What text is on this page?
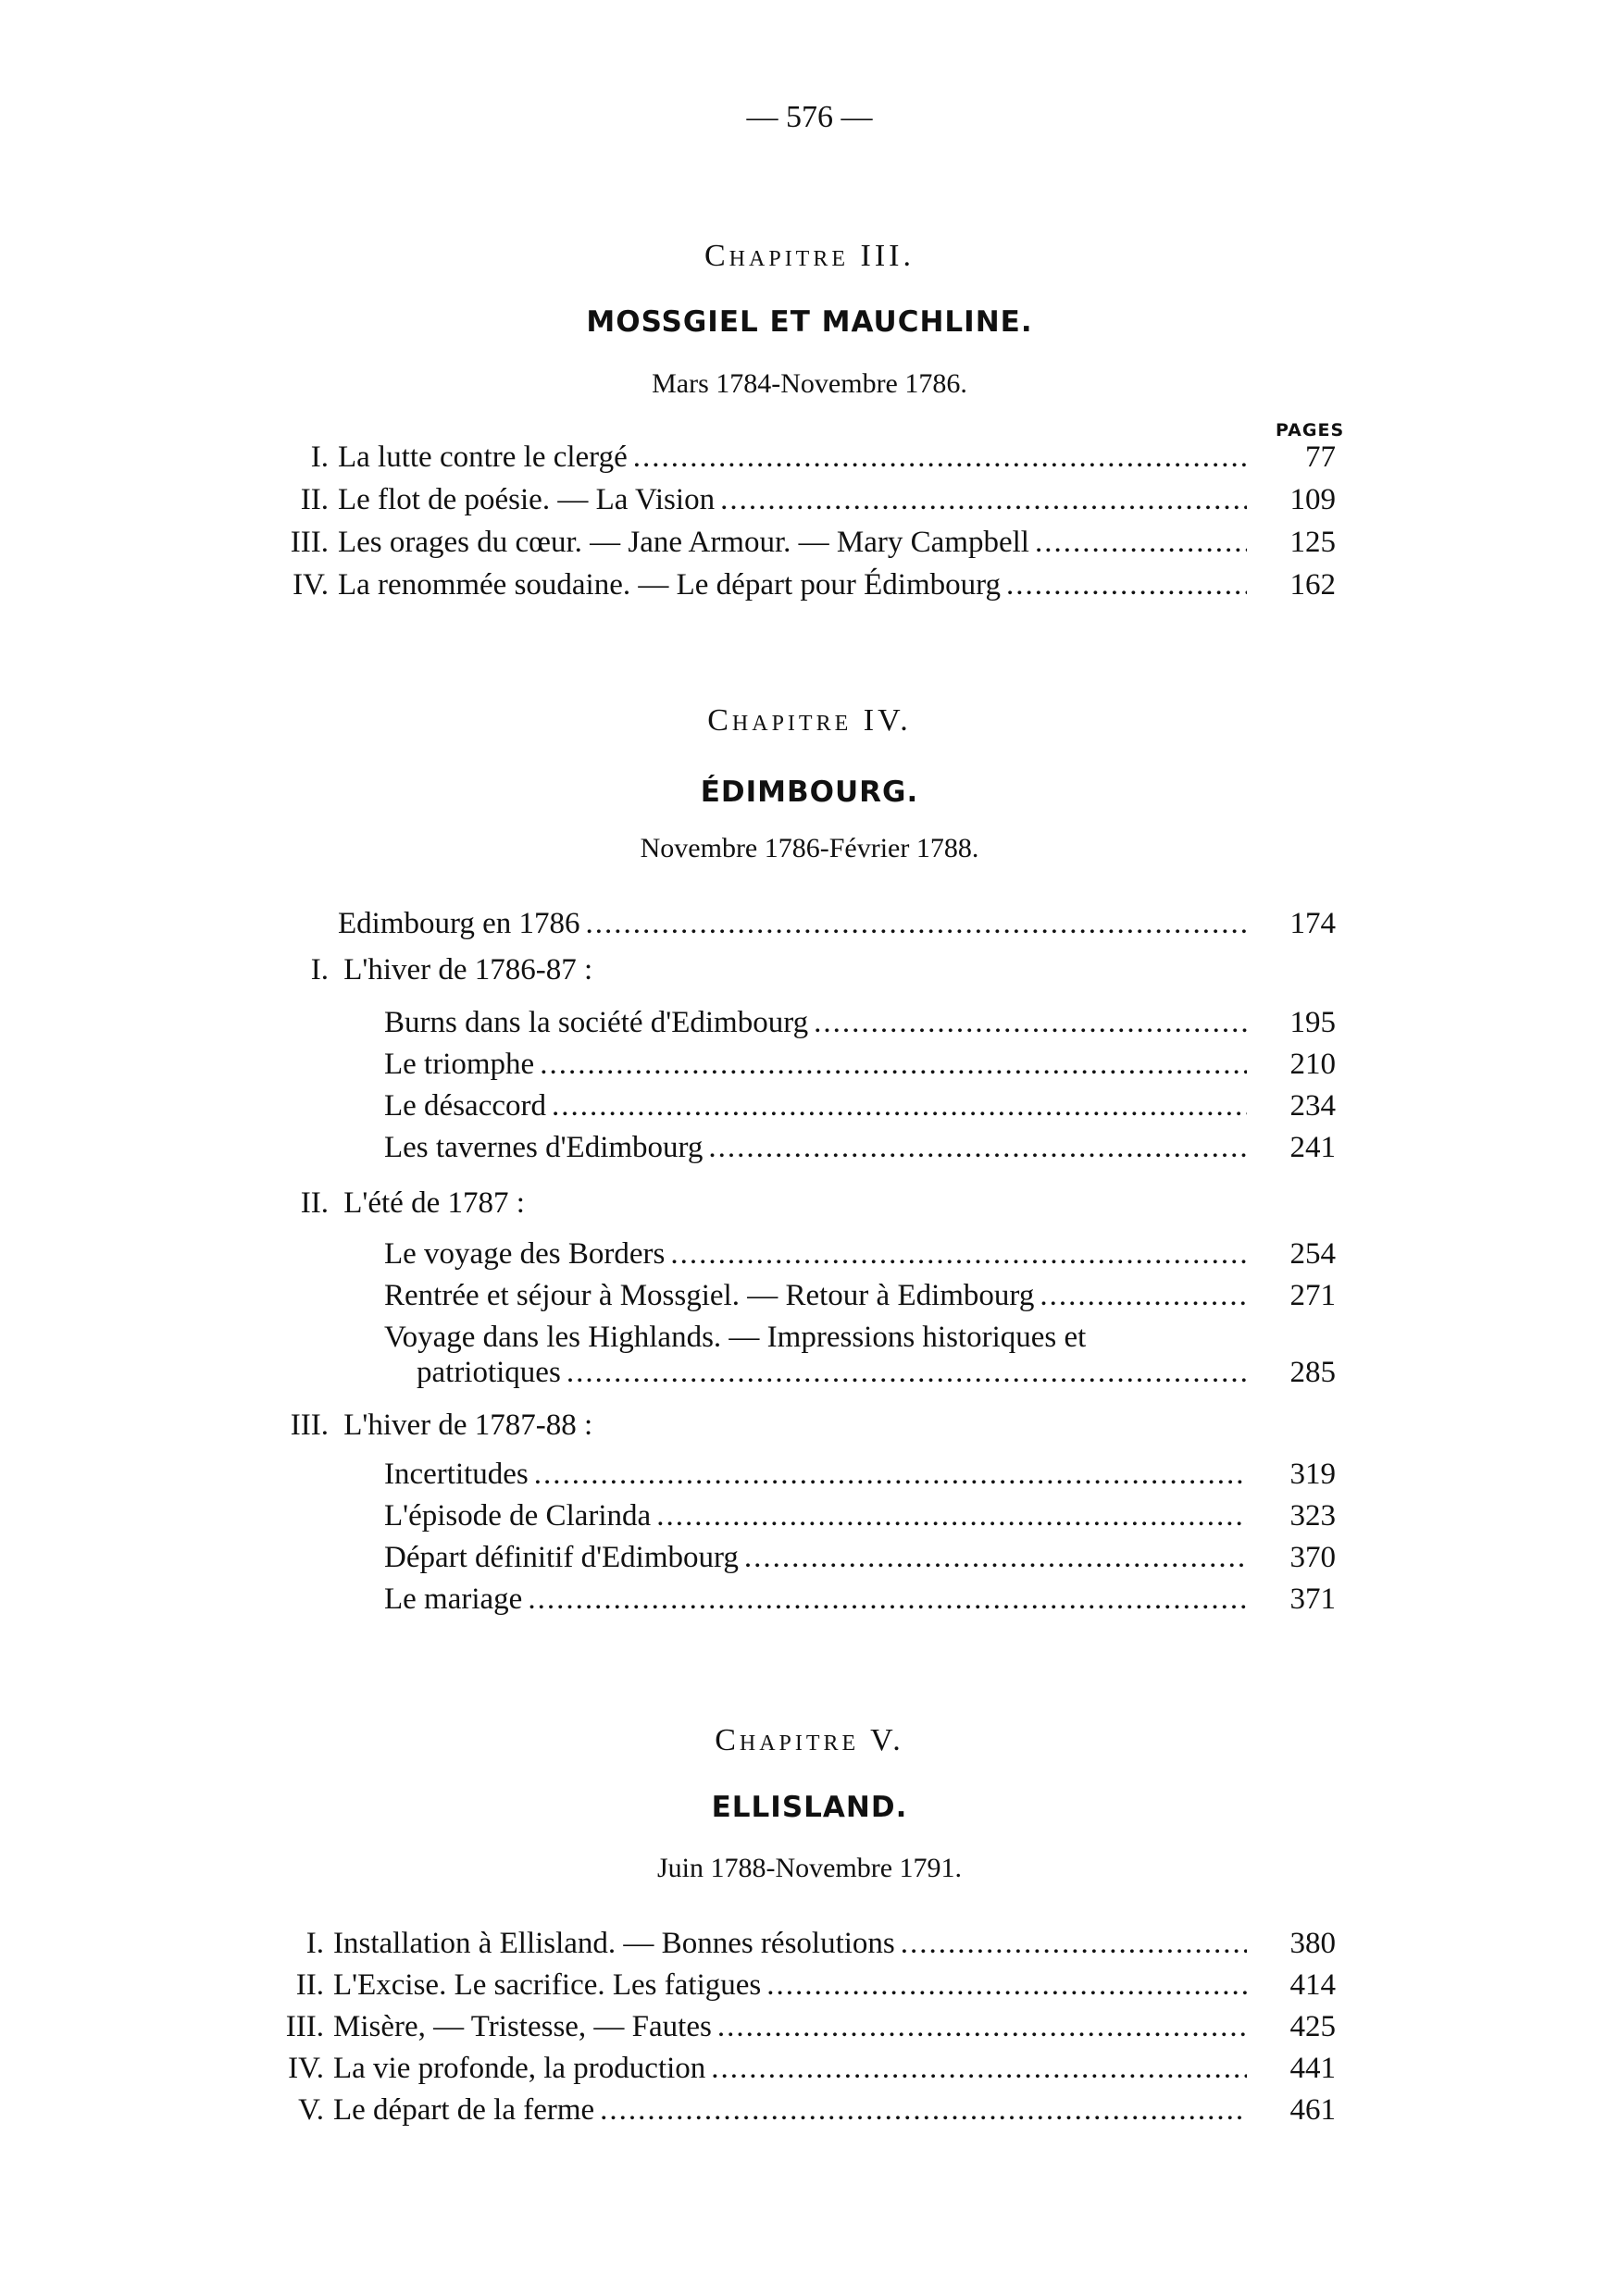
— 576 —
Chapitre III.
MOSSGIEL ET MAUCHLINE.
Mars 1784-Novembre 1786.
PAGES
I. La lutte contre le clergé .....	77
II. Le flot de poésie. — La Vision .....	109
III. Les orages du cœur. — Jane Armour. — Mary Campbell .....	125
IV. La renommée soudaine. — Le départ pour Édimbourg .....	162
Chapitre IV.
ÉDIMBOURG.
Novembre 1786-Février 1788.
Edimbourg en 1786 .....	174
I. L'hiver de 1786-87 :
Burns dans la société d'Edimbourg .....	195
Le triomphe .....	210
Le désaccord .....	234
Les tavernes d'Edimbourg .....	241
II. L'été de 1787 :
Le voyage des Borders .....	254
Rentrée et séjour à Mossgiel. — Retour à Edimbourg .....	271
Voyage dans les Highlands. — Impressions historiques et
patriotiques .....	285
III. L'hiver de 1787-88 :
Incertitudes .....	319
L'épisode de Clarinda .....	323
Départ définitif d'Edimbourg .....	370
Le mariage .....	371
Chapitre V.
ELLISLAND.
Juin 1788-Novembre 1791.
I. Installation à Ellisland. — Bonnes résolutions .....	380
II. L'Excise. Le sacrifice. Les fatigues .....	414
III. Misère, — Tristesse, — Fautes .....	425
IV. La vie profonde, la production .....	441
V. Le départ de la ferme .....	461
